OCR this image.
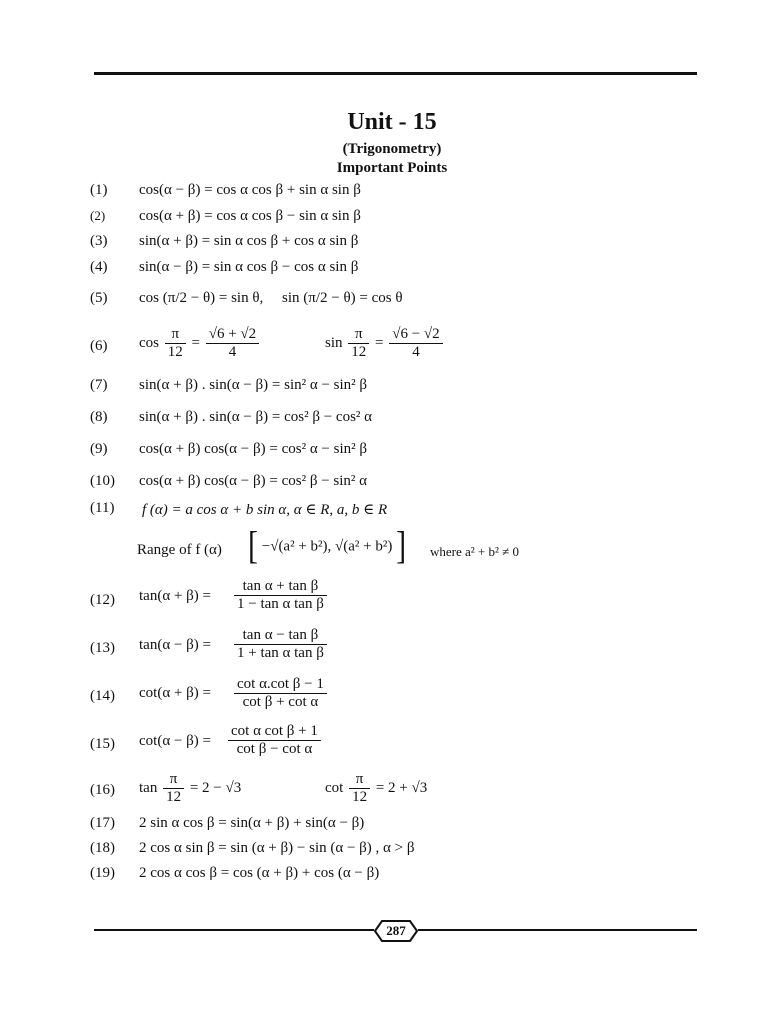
Unit - 15
(Trigonometry)
Important Points
(1) cos(α − β) = cos α cos β + sin α sin β
(2) cos(α + β) = cos α cos β − sin α sin β
(3) sin(α + β) = sin α cos β + cos α sin β
(4) sin(α − β) = sin α cos β − cos α sin β
(5) cos (π/2 − θ) = sin θ, sin (π/2 − θ) = cos θ
(6) $\cos \frac{\pi}{12} = \frac{√6 + √2}{4}$	$\sin \frac{\pi}{12} = \frac{√6 - √2}{4}$
(7) sin(α + β) . sin(α − β) = sin² α − sin² β
(8) sin(α + β) . sin(α − β) = cos² β − cos² α
(9) cos(α + β) cos(α − β) = cos² α − sin² β
(10) cos(α + β) cos(α − β) = cos² β − sin² α
(11) f (α) = a cos α + b sin α, α ∈ R, a, b ∈ R
Range of f (α) [ −√(a² + b²), √(a² + b²) ] where a² + b² ≠ 0
(12) $\tan(\alpha + \beta) = \frac{\text{tan α + tan β}}{\text{1 − tan α tan β}}$
(13) $\tan(\alpha - \beta) = \frac{\text{tan α − tan β}}{\text{1 + tan α tan β}}$
(14) $\cot(\alpha + \beta) = \frac{\text{cot α.cot β − 1}}{\text{cot β + cot α}}$
(15) $\cot(\alpha - \beta) = \frac{\text{cot α cot β + 1}}{\text{cot β − cot α}}$
(16) $\tan \frac{\pi}{12} = 2 - √3$	$\cot \frac{\pi}{12} = 2 + √3$
(17) 2 sin α cos β = sin(α + β) + sin(α − β)
(18) 2 cos α sin β = sin (α + β) − sin (α − β) , α > β
(19) 2 cos α cos β = cos (α + β) + cos (α − β)
287
